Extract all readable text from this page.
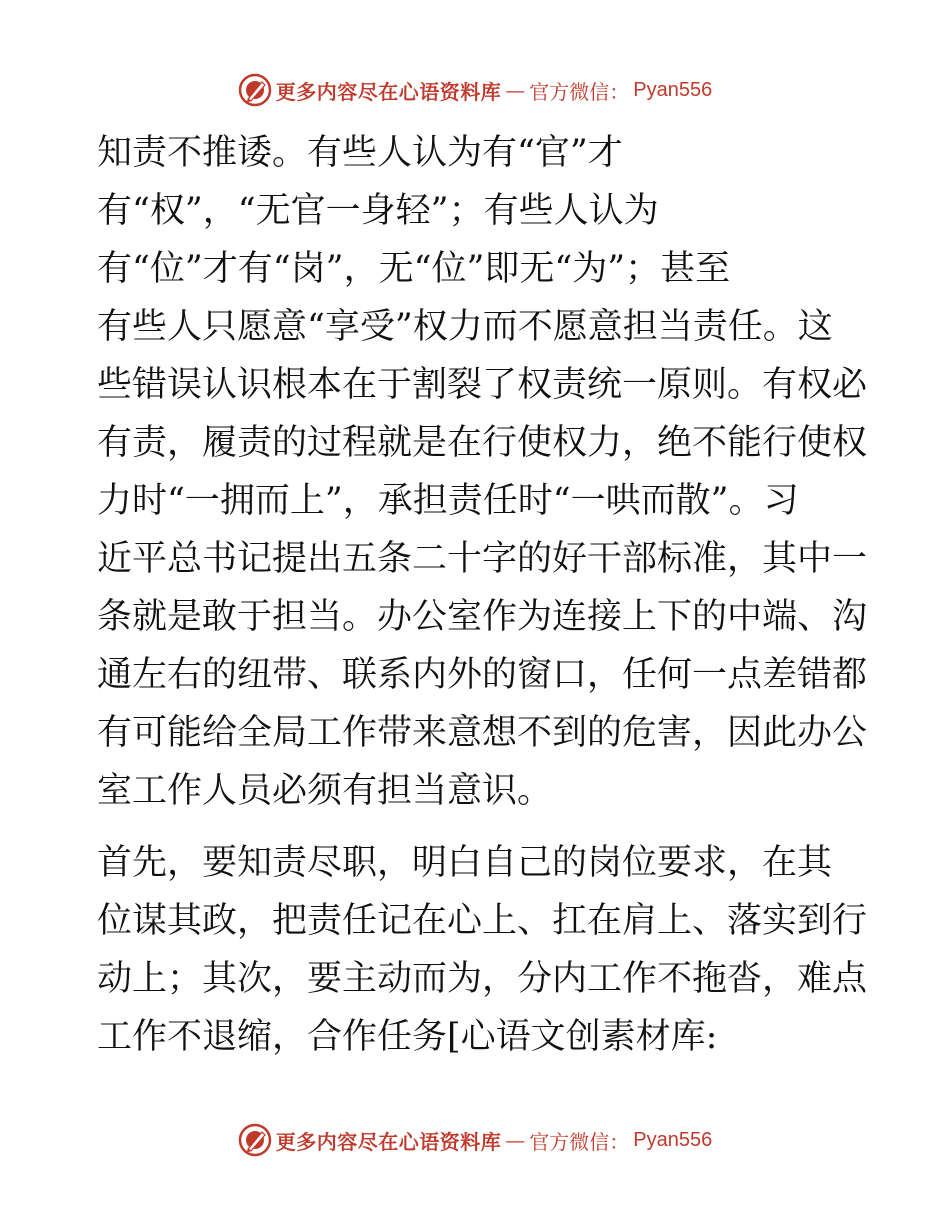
更多内容尽在心语资料库 — 官方微信： Pyan556
知责不推诿。有些人认为有“官”才
有“权”，“无官一身轻”；有些人认为
有“位”才有“岗”，无“位”即无“为”；甚至
有些人只愿意“享受”权力而不愿意担当责任。这
些错误认识根本在于割裂了权责统一原则。有权必
有责，履责的过程就是在行使权力，绝不能行使权
力时“一拥而上”，承担责任时“一哄而散”。习
近平总书记提出五条二十字的好干部标准，其中一
条就是敢于担当。办公室作为连接上下的中端、沟
通左右的纽带、联系内外的窗口，任何一点差错都
有可能给全局工作带来意想不到的危害，因此办公
室工作人员必须有担当意识。
首先，要知责尽职，明白自己的岗位要求，在其
位谋其政，把责任记在心上、扛在肩上、落实到行
动上；其次，要主动而为，分内工作不拖沓，难点
工作不退缩，合作任务[心语文创素材库:
更多内容尽在心语资料库 — 官方微信： Pyan556
